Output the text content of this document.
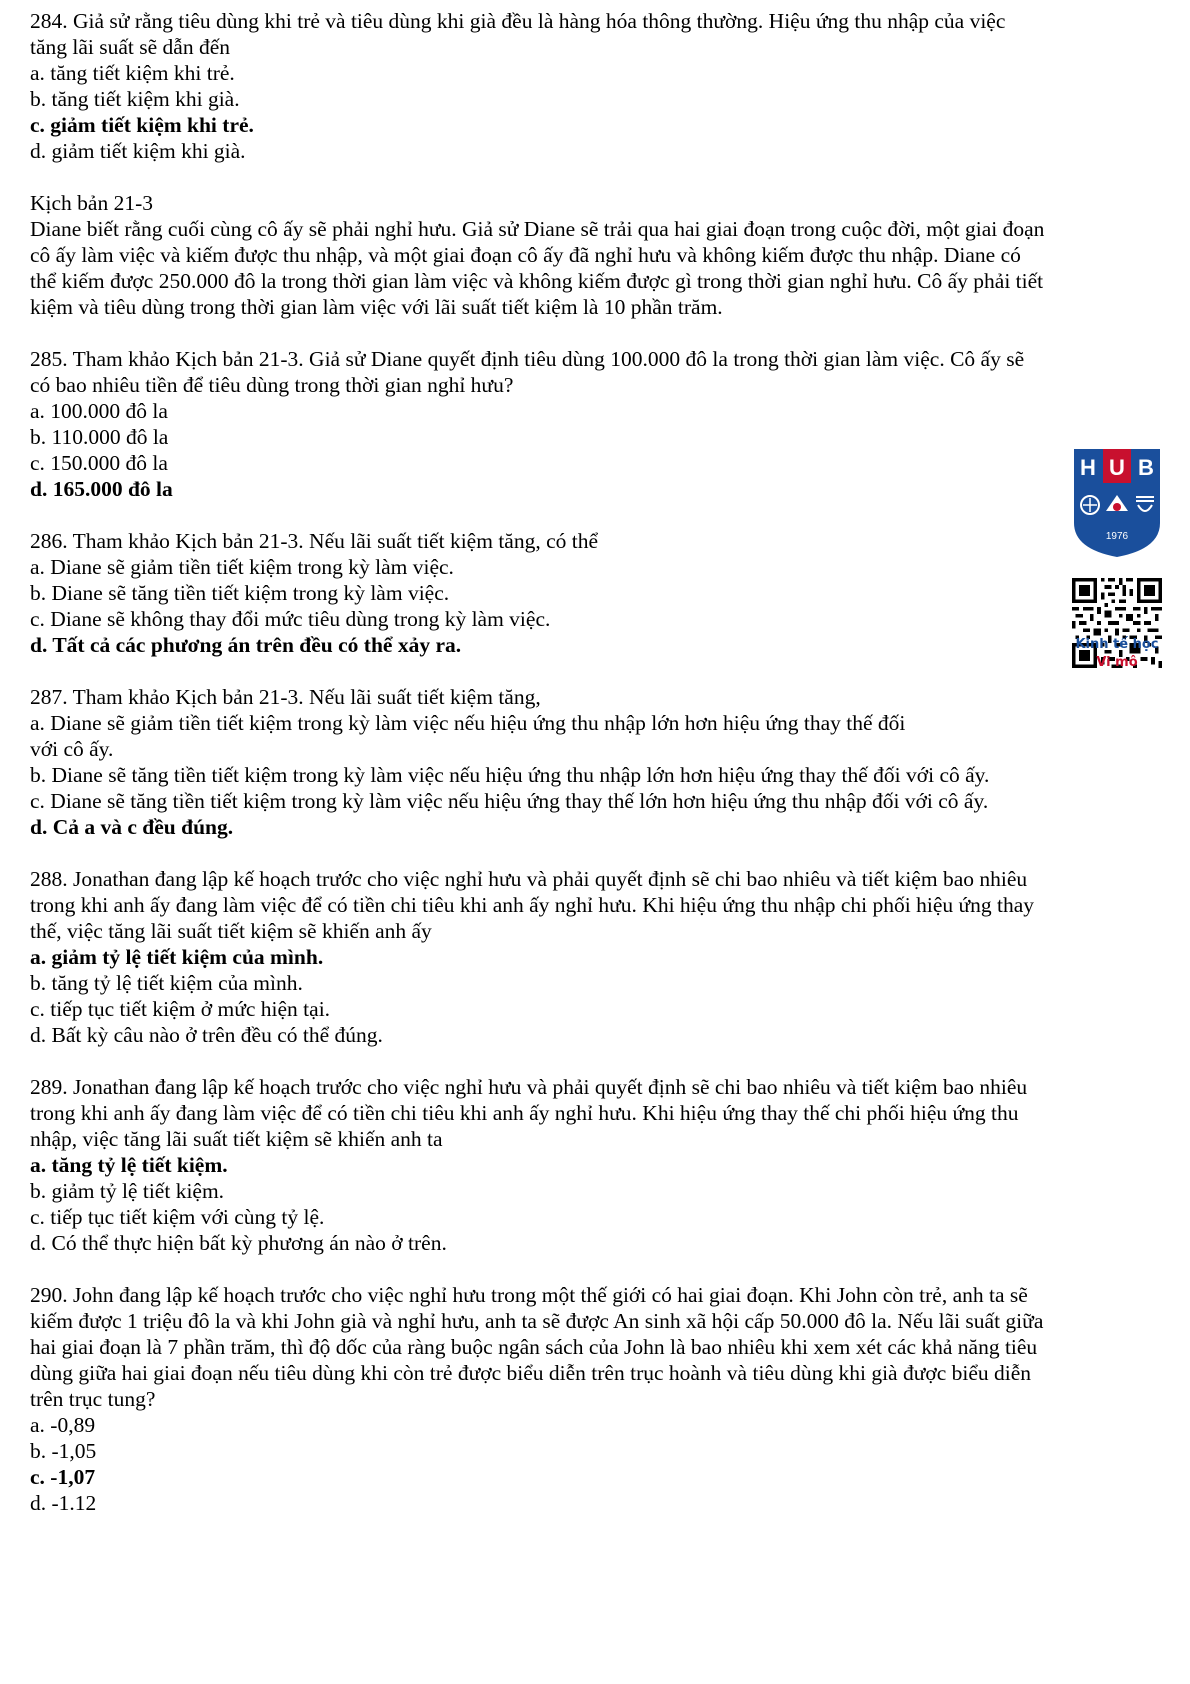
284. Giả sử rằng tiêu dùng khi trẻ và tiêu dùng khi già đều là hàng hóa thông thường. Hiệu ứng thu nhập của việc
tăng lãi suất sẽ dẫn đến
a. tăng tiết kiệm khi trẻ.
b. tăng tiết kiệm khi già.
c. giảm tiết kiệm khi trẻ.
d. giảm tiết kiệm khi già.
Kịch bản 21-3
Diane biết rằng cuối cùng cô ấy sẽ phải nghỉ hưu. Giả sử Diane sẽ trải qua hai giai đoạn trong cuộc đời, một giai đoạn
cô ấy làm việc và kiếm được thu nhập, và một giai đoạn cô ấy đã nghỉ hưu và không kiếm được thu nhập. Diane có
thể kiếm được 250.000 đô la trong thời gian làm việc và không kiếm được gì trong thời gian nghỉ hưu. Cô ấy phải tiết
kiệm và tiêu dùng trong thời gian làm việc với lãi suất tiết kiệm là 10 phần trăm.
285. Tham khảo Kịch bản 21-3. Giả sử Diane quyết định tiêu dùng 100.000 đô la trong thời gian làm việc. Cô ấy sẽ
có bao nhiêu tiền để tiêu dùng trong thời gian nghỉ hưu?
a. 100.000 đô la
b. 110.000 đô la
c. 150.000 đô la
d. 165.000 đô la
286. Tham khảo Kịch bản 21-3. Nếu lãi suất tiết kiệm tăng, có thể
a. Diane sẽ giảm tiền tiết kiệm trong kỳ làm việc.
b. Diane sẽ tăng tiền tiết kiệm trong kỳ làm việc.
c. Diane sẽ không thay đổi mức tiêu dùng trong kỳ làm việc.
d. Tất cả các phương án trên đều có thể xảy ra.
287. Tham khảo Kịch bản 21-3. Nếu lãi suất tiết kiệm tăng,
a. Diane sẽ giảm tiền tiết kiệm trong kỳ làm việc nếu hiệu ứng thu nhập lớn hơn hiệu ứng thay thế đối
với cô ấy.
b. Diane sẽ tăng tiền tiết kiệm trong kỳ làm việc nếu hiệu ứng thu nhập lớn hơn hiệu ứng thay thế đối với cô ấy.
c. Diane sẽ tăng tiền tiết kiệm trong kỳ làm việc nếu hiệu ứng thay thế lớn hơn hiệu ứng thu nhập đối với cô ấy.
d. Cả a và c đều đúng.
288. Jonathan đang lập kế hoạch trước cho việc nghỉ hưu và phải quyết định sẽ chi bao nhiêu và tiết kiệm bao nhiêu
trong khi anh ấy đang làm việc để có tiền chi tiêu khi anh ấy nghỉ hưu. Khi hiệu ứng thu nhập chi phối hiệu ứng thay
thế, việc tăng lãi suất tiết kiệm sẽ khiến anh ấy
a. giảm tỷ lệ tiết kiệm của mình.
b. tăng tỷ lệ tiết kiệm của mình.
c. tiếp tục tiết kiệm ở mức hiện tại.
d. Bất kỳ câu nào ở trên đều có thể đúng.
289. Jonathan đang lập kế hoạch trước cho việc nghỉ hưu và phải quyết định sẽ chi bao nhiêu và tiết kiệm bao nhiêu
trong khi anh ấy đang làm việc để có tiền chi tiêu khi anh ấy nghỉ hưu. Khi hiệu ứng thay thế chi phối hiệu ứng thu
nhập, việc tăng lãi suất tiết kiệm sẽ khiến anh ta
a. tăng tỷ lệ tiết kiệm.
b. giảm tỷ lệ tiết kiệm.
c. tiếp tục tiết kiệm với cùng tỷ lệ.
d. Có thể thực hiện bất kỳ phương án nào ở trên.
290. John đang lập kế hoạch trước cho việc nghỉ hưu trong một thế giới có hai giai đoạn. Khi John còn trẻ, anh ta sẽ
kiếm được 1 triệu đô la và khi John già và nghỉ hưu, anh ta sẽ được An sinh xã hội cấp 50.000 đô la. Nếu lãi suất giữa
hai giai đoạn là 7 phần trăm, thì độ dốc của ràng buộc ngân sách của John là bao nhiêu khi xem xét các khả năng tiêu
dùng giữa hai giai đoạn nếu tiêu dùng khi còn trẻ được biểu diễn trên trục hoành và tiêu dùng khi già được biểu diễn
trên trục tung?
a. -0,89
b. -1,05
c. -1,07
d. -1.12
H U B
1976
Kinh tế học
Vi mô
